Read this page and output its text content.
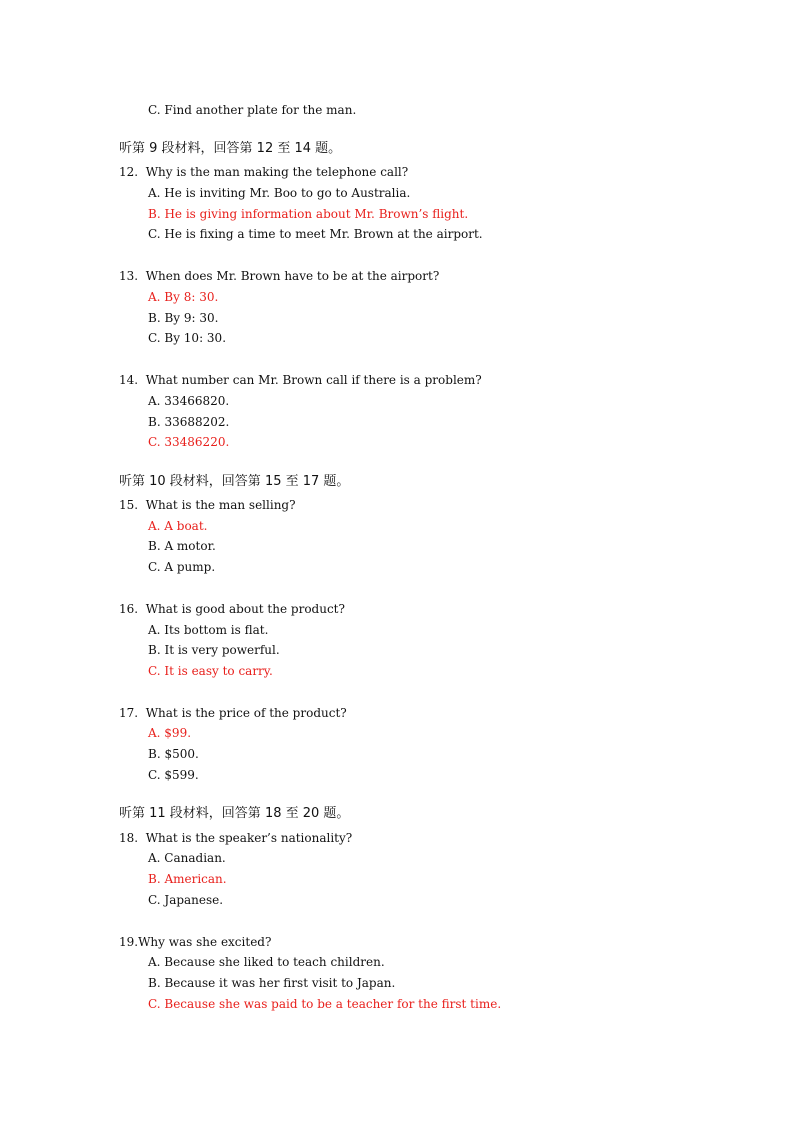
C. Find another plate for the man.
听第 9 段材料，回答第 12 至 14 题。
12.  Why is the man making the telephone call?
A. He is inviting Mr. Boo to go to Australia.
B. He is giving information about Mr. Brown’s flight.
C. He is fixing a time to meet Mr. Brown at the airport.
13.  When does Mr. Brown have to be at the airport?
A. By 8: 30.
B. By 9: 30.
C. By 10: 30.
14.  What number can Mr. Brown call if there is a problem?
A. 33466820.
B. 33688202.
C. 33486220.
听第 10 段材料，回答第 15 至 17 题。
15.  What is the man selling?
A. A boat.
B. A motor.
C. A pump.
16.  What is good about the product?
A. Its bottom is flat.
B. It is very powerful.
C. It is easy to carry.
17.  What is the price of the product?
A. $99.
B. $500.
C. $599.
听第 11 段材料，回答第 18 至 20 题。
18.  What is the speaker’s nationality?
A. Canadian.
B. American.
C. Japanese.
19.Why was she excited?
A. Because she liked to teach children.
B. Because it was her first visit to Japan.
C. Because she was paid to be a teacher for the first time.
